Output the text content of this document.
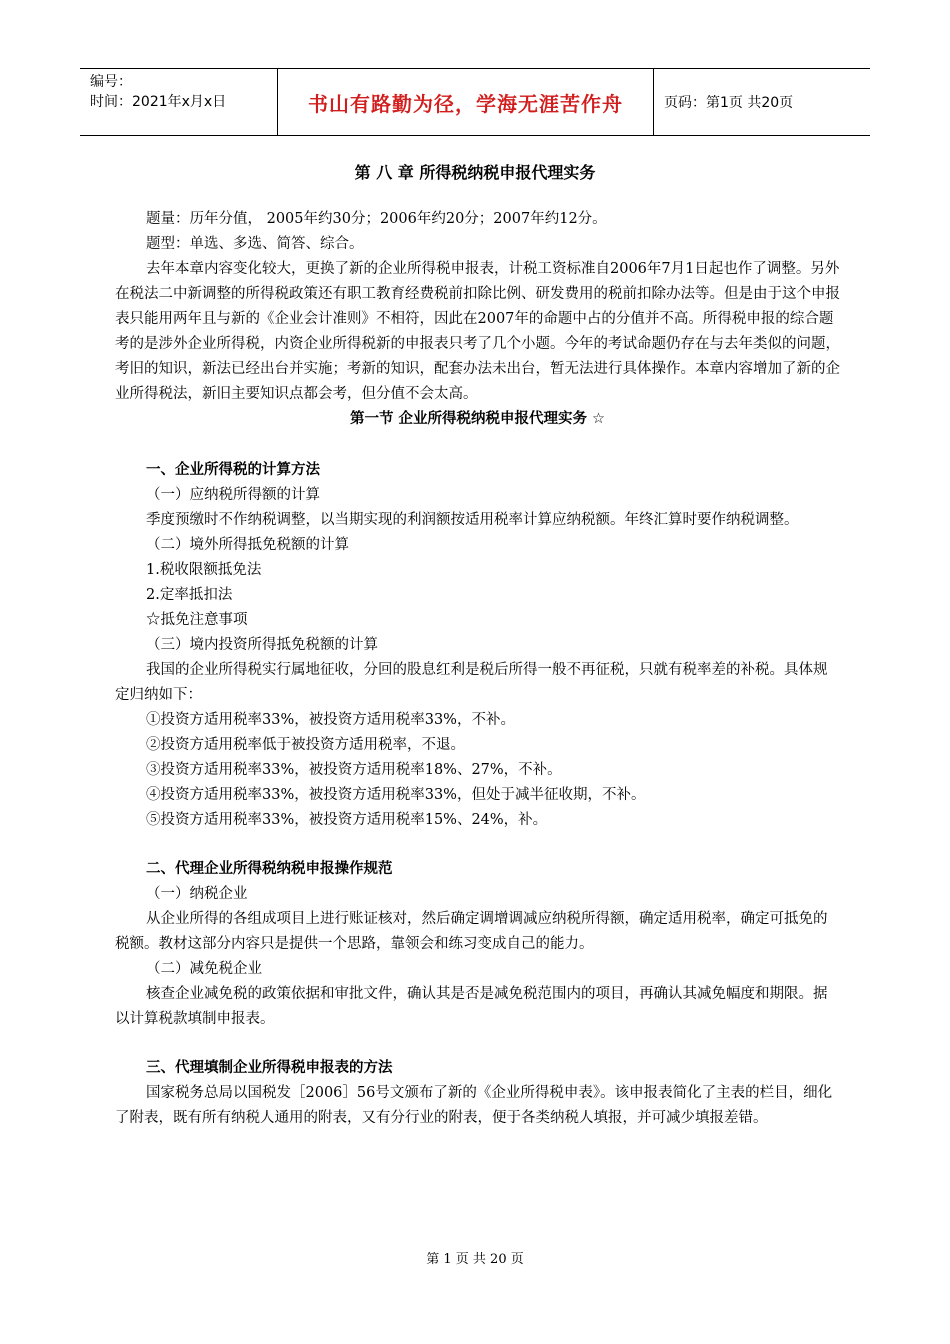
编号：
时间：2021年x月x日	书山有路勤为径，学海无涯苦作舟	页码：第1页 共20页
第 八 章 所得税纳税申报代理实务

题量：历年分值， 2005年约30分；2006年约20分；2007年约12分。

题型：单选、多选、简答、综合。

去年本章内容变化较大，更换了新的企业所得税申报表，计税工资标准自2006年7月1日起也作了调整。另外在税法二中新调整的所得税政策还有职工教育经费税前扣除比例、研发费用的税前扣除办法等。但是由于这个申报表只能用两年且与新的《企业会计准则》不相符，因此在2007年的命题中占的分值并不高。所得税申报的综合题考的是涉外企业所得税，内资企业所得税新的申报表只考了几个小题。今年的考试命题仍存在与去年类似的问题，考旧的知识，新法已经出台并实施；考新的知识，配套办法未出台，暂无法进行具体操作。本章内容增加了新的企业所得税法，新旧主要知识点都会考，但分值不会太高。

第一节 企业所得税纳税申报代理实务 ☆

一、企业所得税的计算方法

（一）应纳税所得额的计算

季度预缴时不作纳税调整，以当期实现的利润额按适用税率计算应纳税额。年终汇算时要作纳税调整。

（二）境外所得抵免税额的计算

1.税收限额抵免法

2.定率抵扣法

☆抵免注意事项

（三）境内投资所得抵免税额的计算

我国的企业所得税实行属地征收，分回的股息红利是税后所得一般不再征税，只就有税率差的补税。具体规定归纳如下：

①投资方适用税率33%，被投资方适用税率33%，不补。

②投资方适用税率低于被投资方适用税率，不退。

③投资方适用税率33%，被投资方适用税率18%、27%，不补。

④投资方适用税率33%，被投资方适用税率33%，但处于减半征收期，不补。

⑤投资方适用税率33%，被投资方适用税率15%、24%，补。

二、代理企业所得税纳税申报操作规范

（一）纳税企业

从企业所得的各组成项目上进行账证核对，然后确定调增调减应纳税所得额，确定适用税率，确定可抵免的税额。教材这部分内容只是提供一个思路，靠领会和练习变成自己的能力。

（二）减免税企业

核查企业减免税的政策依据和审批文件，确认其是否是减免税范围内的项目，再确认其减免幅度和期限。据以计算税款填制申报表。

三、代理填制企业所得税申报表的方法

国家税务总局以国税发［2006］56号文颁布了新的《企业所得税申表》。该申报表简化了主表的栏目，细化了附表，既有所有纳税人通用的附表，又有分行业的附表，便于各类纳税人填报，并可减少填报差错。

第 1 页 共 20 页
